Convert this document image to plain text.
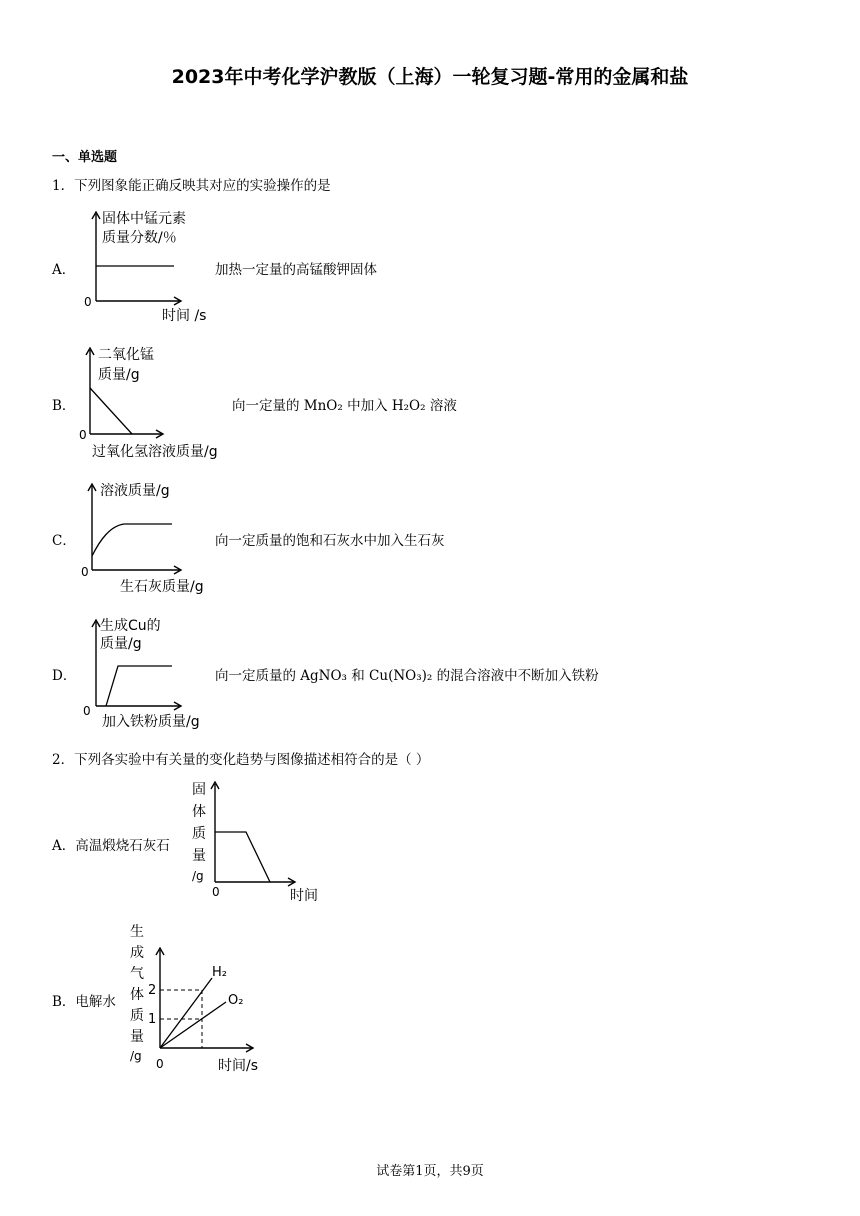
2023年中考化学沪教版（上海）一轮复习题-常用的金属和盐
一、单选题
1．下列图象能正确反映其对应的实验操作的是
A．
固体中锰元素
质量分数/％
0
时间 /s
加热一定量的高锰酸钾固体
B．
二氧化锰
质量/g
0
过氧化氢溶液质量/g
向一定量的 MnO₂ 中加入 H₂O₂ 溶液
C．
溶液质量/g
0
生石灰质量/g
向一定质量的饱和石灰水中加入生石灰
D．
生成Cu的
质量/g
0
加入铁粉质量/g
向一定质量的 AgNO₃ 和 Cu(NO₃)₂ 的混合溶液中不断加入铁粉
2．下列各实验中有关量的变化趋势与图像描述相符合的是（ ）
A．高温煅烧石灰石
固
体
质
量
/g
0	时间
B．电解水
生
成
气
体
质
量
/g
2
1
0
H₂
O₂
时间/s
试卷第1页，共9页
